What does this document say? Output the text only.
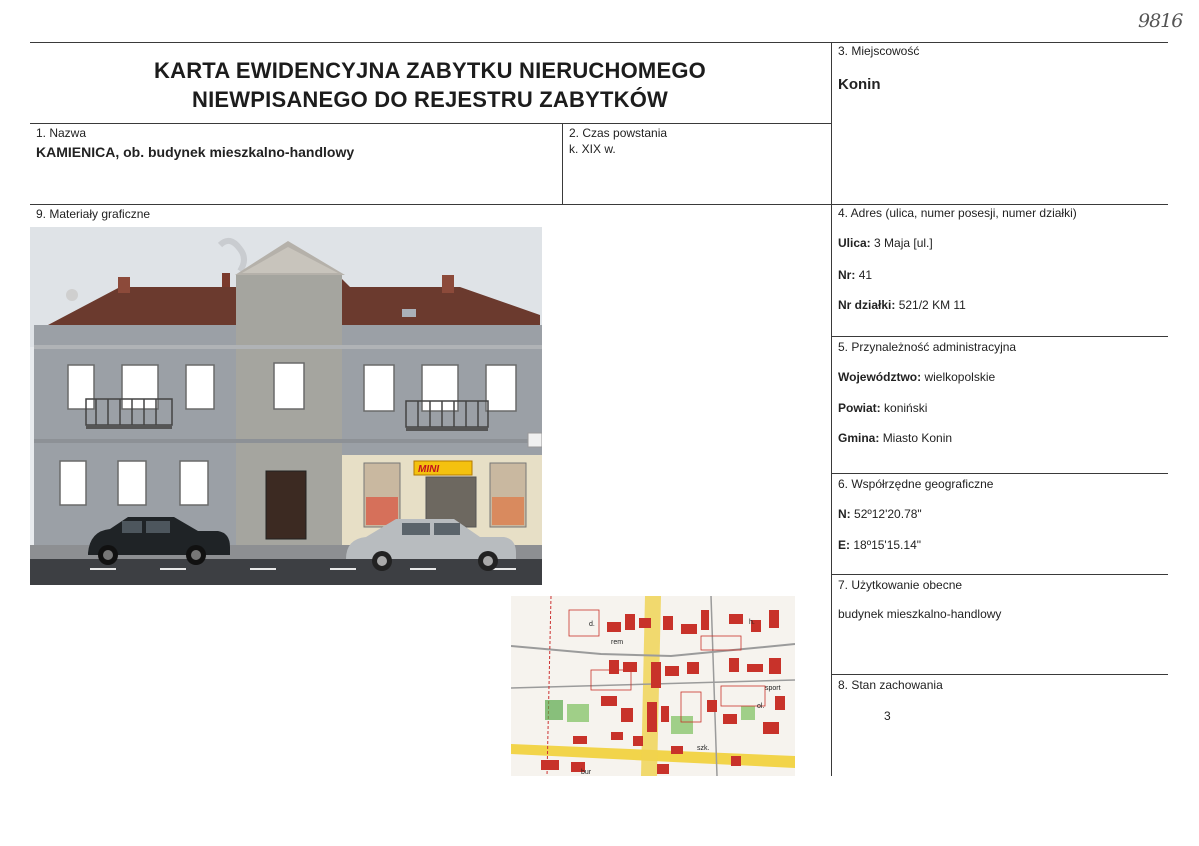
9816
KARTA EWIDENCYJNA ZABYTKU NIERUCHOMEGO
NIEWPISANEGO DO REJESTRU ZABYTKÓW
1. Nazwa
KAMIENICA, ob. budynek mieszkalno-handlowy
2. Czas powstania
k. XIX w.
3. Miejscowość
Konin
9. Materiały graficzne	4. Adres (ulica, numer posesji, numer działki)
Ulica: 3 Maja [ul.]
Nr: 41
Nr działki: 521/2 KM 11
5. Przynależność administracyjna
Województwo: wielkopolskie
Powiat: koniński
Gmina: Miasto Konin
6. Współrzędne geograficzne
N: 52º12'20.78"
E: 18º15'15.14"
7. Użytkowanie obecne
budynek mieszkalno-handlowy
8. Stan zachowania
3
MINI
d.
rem
sport
szk.
ol.
bur
h.
